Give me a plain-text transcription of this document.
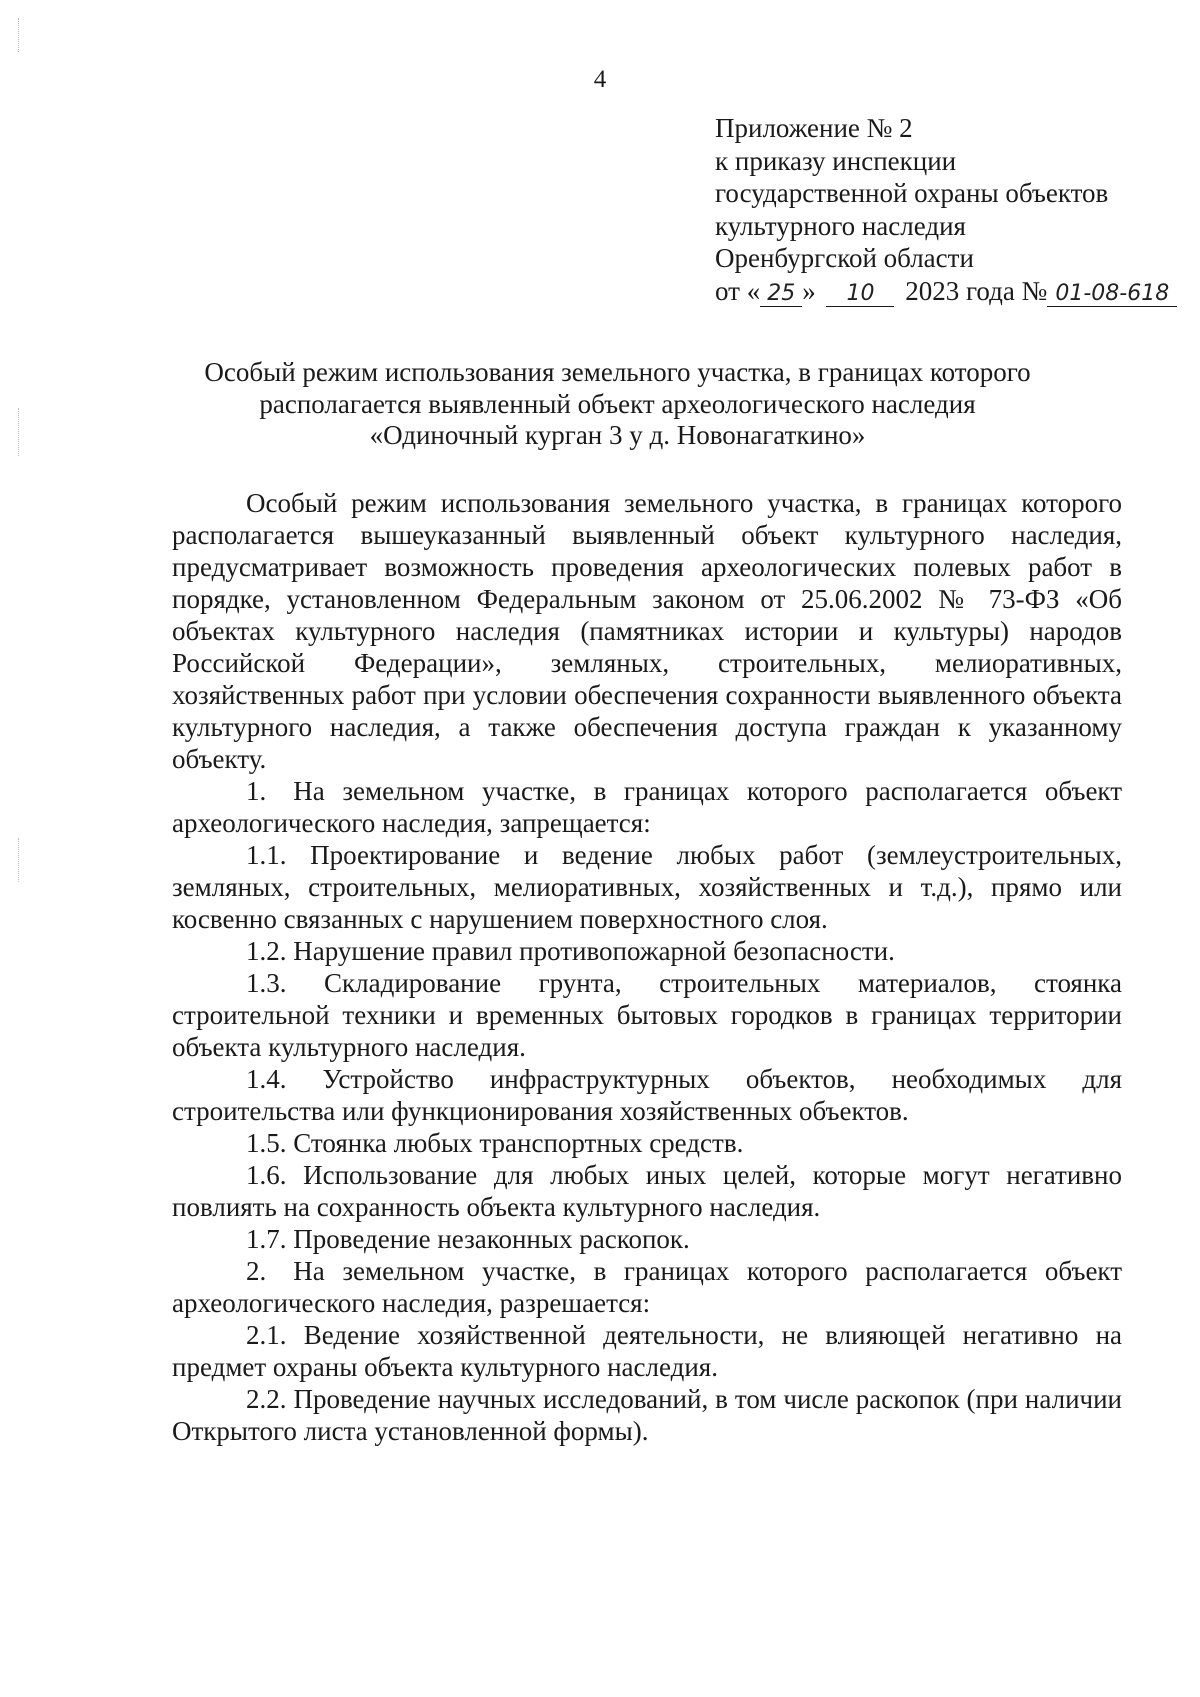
4
Приложение № 2
к приказу инспекции
государственной охраны объектов
культурного наследия
Оренбургской области
от « 25 » 10 2023 года № 01-08-618
Особый режим использования земельного участка, в границах которого
располагается выявленный объект археологического наследия
«Одиночный курган 3 у д. Новонагаткино»

Особый режим использования земельного участка, в границах которого располагается вышеуказанный выявленный объект культурного наследия, предусматривает возможность проведения археологических полевых работ в порядке, установленном Федеральным законом от 25.06.2002 № 73-ФЗ «Об объектах культурного наследия (памятниках истории и культуры) народов Российской Федерации», земляных, строительных, мелиоративных, хозяйственных работ при условии обеспечения сохранности выявленного объекта культурного наследия, а также обеспечения доступа граждан к указанному объекту.

1. На земельном участке, в границах которого располагается объект археологического наследия, запрещается:

1.1. Проектирование и ведение любых работ (землеустроительных, земляных, строительных, мелиоративных, хозяйственных и т.д.), прямо или косвенно связанных с нарушением поверхностного слоя.

1.2. Нарушение правил противопожарной безопасности.

1.3. Складирование грунта, строительных материалов, стоянка строительной техники и временных бытовых городков в границах территории объекта культурного наследия.

1.4. Устройство инфраструктурных объектов, необходимых для строительства или функционирования хозяйственных объектов.

1.5. Стоянка любых транспортных средств.

1.6. Использование для любых иных целей, которые могут негативно повлиять на сохранность объекта культурного наследия.

1.7. Проведение незаконных раскопок.

2. На земельном участке, в границах которого располагается объект археологического наследия, разрешается:

2.1. Ведение хозяйственной деятельности, не влияющей негативно на предмет охраны объекта культурного наследия.

2.2. Проведение научных исследований, в том числе раскопок (при наличии Открытого листа установленной формы).
